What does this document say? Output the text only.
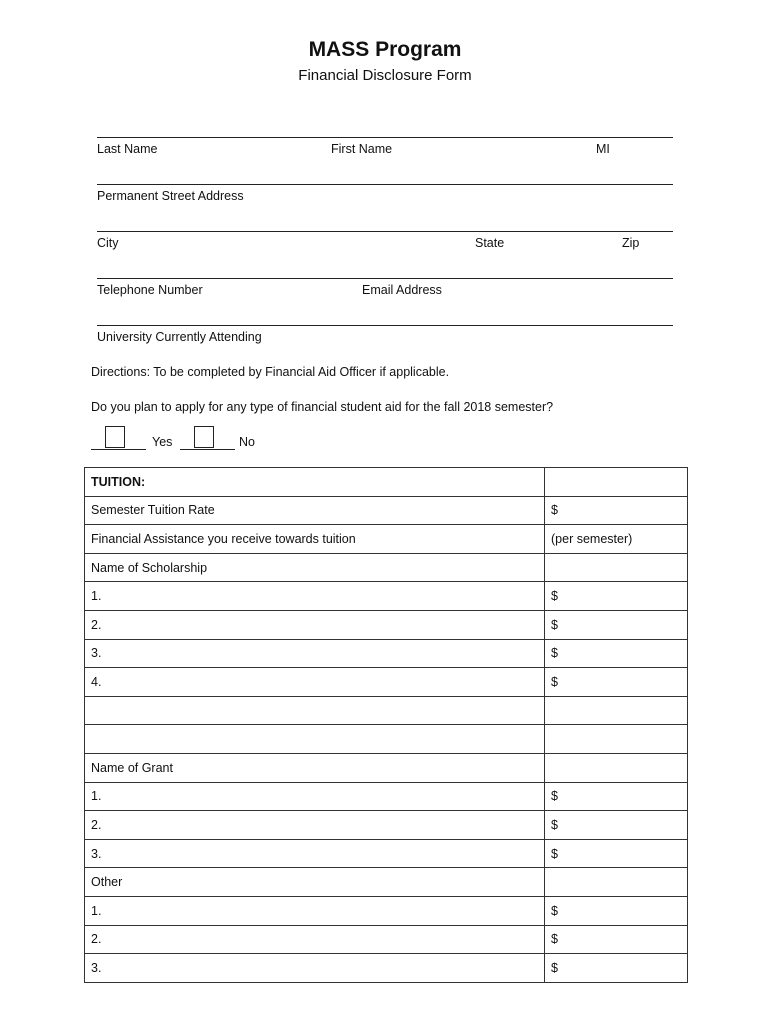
MASS Program
Financial Disclosure Form
Last Name	First Name	MI
Permanent Street Address
City	State	Zip
Telephone Number	Email Address
University Currently Attending
Directions: To be completed by Financial Aid Officer if applicable.
Do you plan to apply for any type of financial student aid for the fall 2018 semester?
Yes	No
TUITION:	
Semester Tuition Rate	$
Financial Assistance you receive towards tuition	(per semester)
Name of Scholarship	
1.	$
2.	$
3.	$
4.	$

Name of Grant	
1.	$
2.	$
3.	$
Other	
1.	$
2.	$
3.	$
